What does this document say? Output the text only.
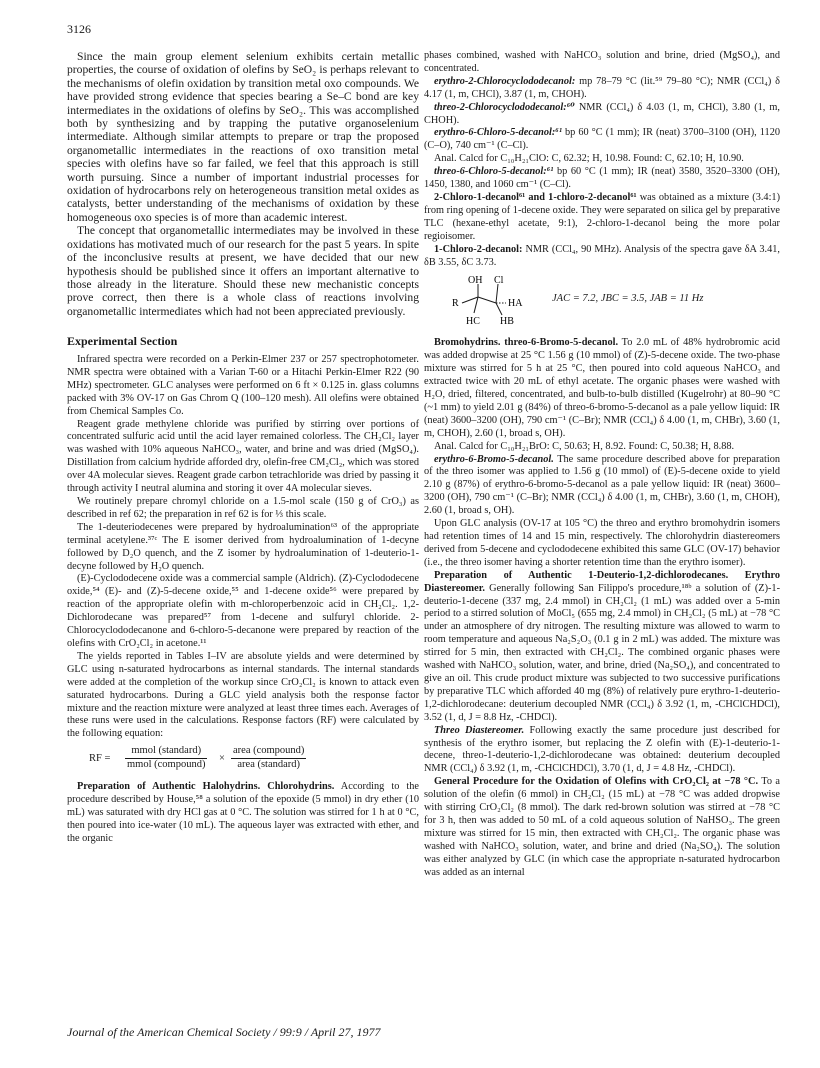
3126

Since the main group element selenium exhibits certain metallic properties, the course of oxidation of olefins by SeO₂ is perhaps relevant to the mechanisms of olefin oxidation by transition metal oxo compounds. We have provided strong evidence that species bearing a Se–C bond are key intermediates in the oxidations of olefins by SeO₂. This was accomplished both by synthesizing and by trapping the putative organoselenium intermediate. Although similar attempts to prepare or trap the proposed organometallic intermediates in the reactions of oxo transition metal species with olefins have so far failed, we feel that this approach is still worth pursuing. Since a number of important industrial processes for oxidation of hydrocarbons rely on heterogeneous transition metal oxides as catalysts, better understanding of the mechanisms of oxidation by these homogeneous oxo species is of more than academic interest.

The concept that organometallic intermediates may be involved in these oxidations has motivated much of our research for the past 5 years. In spite of the inconclusive results at present, we have decided that our new hypothesis should be published since it offers an important alternative to those already in the literature. Should these new mechanistic concepts prove correct, then there is a whole class of reactions involving organometallic intermediates which had not been appreciated previously.

Experimental Section

Infrared spectra were recorded on a Perkin-Elmer 237 or 257 spectrophotometer. NMR spectra were obtained with a Varian T-60 or a Hitachi Perkin-Elmer R22 (90 MHz) spectrometer. GLC analyses were performed on 6 ft × 0.125 in. glass columns packed with 3% OV-17 on Gas Chrom Q (100–120 mesh). All olefins were obtained from Chemical Samples Co.

Reagent grade methylene chloride was purified by stirring over portions of concentrated sulfuric acid until the acid layer remained colorless. The CH₂Cl₂ layer was washed with 10% aqueous NaHCO₃, water, and brine and was dried (MgSO₄). Distillation from calcium hydride afforded dry, olefin-free CM₂Cl₂, which was stored over 4A molecular sieves. Reagent grade carbon tetrachloride was dried by passing it through activity I neutral alumina and storing it over 4A molecular sieves.

We routinely prepare chromyl chloride on a 1.5-mol scale (150 g of CrO₃) as described in ref 62; the preparation in ref 62 is for ⅓ this scale.

The 1-deuteriodecenes were prepared by hydroalumination⁶³ of the appropriate terminal acetylene.³⁷ᶜ The E isomer derived from hydroalumination of 1-decyne followed by D₂O quench, and the Z isomer by hydroalumination of 1-deuterio-1-decyne followed by H₂O quench.

(E)-Cyclododecene oxide was a commercial sample (Aldrich). (Z)-Cyclododecene oxide,⁵⁴ (E)- and (Z)-5-decene oxide,⁵⁵ and 1-decene oxide⁵⁶ were prepared by reaction of the appropriate olefin with m-chloroperbenzoic acid in CH₂Cl₂. 1,2-Dichlorodecane was prepared⁵⁷ from 1-decene and sulfuryl chloride. 2-Chlorocyclododecanone and 6-chloro-5-decanone were prepared by reaction of the olefins with CrO₂Cl₂ in acetone.¹¹

The yields reported in Tables I–IV are absolute yields and were determined by GLC using n-saturated hydrocarbons as internal standards. The internal standards were added at the completion of the workup since CrO₂Cl₂ is known to attack even saturated hydrocarbons. During a GLC yield analysis both the response factor mixture and the reaction mixture were analyzed at least three times each. Averages of these runs were used in the calculations. Response factors (RF) were calculated by the following equation:

RF =
mmol (standard)
mmol (compound)
×
area (compound)
area (standard)

Preparation of Authentic Halohydrins. Chlorohydrins. According to the procedure described by House,⁵⁸ a solution of the epoxide (5 mmol) in dry ether (10 mL) was saturated with dry HCl gas at 0 °C. The solution was stirred for 1 h at 0 °C, then poured into ice-water (10 mL). The aqueous layer was extracted with ether, and the organic

phases combined, washed with NaHCO₃ solution and brine, dried (MgSO₄), and concentrated.

erythro-2-Chlorocyclododecanol: mp 78–79 °C (lit.⁵⁹ 79–80 °C); NMR (CCl₄) δ 4.17 (1, m, CHCl), 3.87 (1, m, CHOH).

threo-2-Chlorocyclododecanol:⁶⁰ NMR (CCl₄) δ 4.03 (1, m, CHCl), 3.80 (1, m, CHOH).

erythro-6-Chloro-5-decanol:⁶¹ bp 60 °C (1 mm); IR (neat) 3700–3100 (OH), 1120 (C–O), 740 cm⁻¹ (C–Cl).

Anal. Calcd for C₁₀H₂₁ClO: C, 62.32; H, 10.98. Found: C, 62.10; H, 10.90.

threo-6-Chloro-5-decanol:⁶¹ bp 60 °C (1 mm); IR (neat) 3580, 3520–3300 (OH), 1450, 1380, and 1060 cm⁻¹ (C–Cl).

2-Chloro-1-decanol⁶¹ and 1-chloro-2-decanol⁶¹ was obtained as a mixture (3.4:1) from ring opening of 1-decene oxide. They were separated on silica gel by preparative TLC (hexane-ethyl acetate, 9:1), 2-chloro-1-decanol being the more polar regioisomer.

1-Chloro-2-decanol: NMR (CCl₄, 90 MHz). Analysis of the spectra gave δA 3.41, δB 3.55, δC 3.73.

OH Cl
R	HA
HC HB
JAC = 7.2, JBC = 3.5, JAB = 11 Hz

Bromohydrins. threo-6-Bromo-5-decanol. To 2.0 mL of 48% hydrobromic acid was added dropwise at 25 °C 1.56 g (10 mmol) of (Z)-5-decene oxide. The two-phase mixture was stirred for 5 h at 25 °C, then poured into cold aqueous NaHCO₃ and extracted twice with 20 mL of ethyl acetate. The organic phases were washed with H₂O, dried, filtered, concentrated, and bulb-to-bulb distilled (Kugelrohr) at 80–90 °C (~1 mm) to yield 2.01 g (84%) of threo-6-bromo-5-decanol as a pale yellow liquid: IR (neat) 3600–3200 (OH), 790 cm⁻¹ (C–Br); NMR (CCl₄) δ 4.00 (1, m, CHBr), 3.60 (1, m, CHOH), 2.60 (1, broad s, OH).

Anal. Calcd for C₁₀H₂₁BrO: C, 50.63; H, 8.92. Found: C, 50.38; H, 8.88.

erythro-6-Bromo-5-decanol. The same procedure described above for preparation of the threo isomer was applied to 1.56 g (10 mmol) of (E)-5-decene oxide to yield 2.10 g (87%) of erythro-6-bromo-5-decanol as a pale yellow liquid: IR (neat) 3600–3200 (OH), 790 cm⁻¹ (C–Br); NMR (CCl₄) δ 4.00 (1, m, CHBr), 3.60 (1, m, CHOH), 2.60 (1, broad s, OH).

Upon GLC analysis (OV-17 at 105 °C) the threo and erythro bromohydrin isomers had retention times of 14 and 15 min, respectively. The chlorohydrin diastereomers derived from 5-decene and cyclododecene exhibited this same GLC (OV-17) behavior (i.e., the threo isomer having a shorter retention time than the erythro isomer).

Preparation of Authentic 1-Deuterio-1,2-dichlorodecanes. Erythro Diastereomer. Generally following San Filippo's procedure,¹⁸ᵇ a solution of (Z)-1-deuterio-1-decene (337 mg, 2.4 mmol) in CH₂Cl₂ (1 mL) was added over a 5-min period to a stirred solution of MoCl₅ (655 mg, 2.4 mmol) in CH₂Cl₂ (5 mL) at −78 °C under an atmosphere of dry nitrogen. The resulting mixture was allowed to warm to room temperature and aqueous Na₂S₂O₃ (0.1 g in 2 mL) was added. The mixture was stirred for 5 min, then extracted with CH₂Cl₂. The combined organic phases were washed with NaHCO₃ solution, water, and brine, dried (Na₂SO₄), and concentrated to give an oil. This crude product mixture was subjected to two successive purifications by preparative TLC which afforded 40 mg (8%) of relatively pure erythro-1-deuterio-1,2-dichlorodecane: deuterium decoupled NMR (CCl₄) δ 3.92 (1, m, -CHClCHDCl), 3.52 (1, d, J = 8.8 Hz, -CHDCl).

Threo Diastereomer. Following exactly the same procedure just described for synthesis of the erythro isomer, but replacing the Z olefin with (E)-1-deuterio-1-decene, threo-1-deuterio-1,2-dichlorodecane was obtained: deuterium decoupled NMR (CCl₄) δ 3.92 (1, m, -CHClCHDCl), 3.70 (1, d, J = 4.8 Hz, -CHDCl).

General Procedure for the Oxidation of Olefins with CrO₂Cl₂ at −78 °C. To a solution of the olefin (6 mmol) in CH₂Cl₂ (15 mL) at −78 °C was added dropwise with stirring CrO₂Cl₂ (8 mmol). The dark red-brown solution was stirred at −78 °C for 3 h, then was added to 50 mL of a cold aqueous solution of NaHSO₃. The green mixture was stirred for 15 min, then extracted with CH₂Cl₂. The organic phase was washed with NaHCO₃ solution, water, and brine and dried (Na₂SO₄). The solution was either analyzed by GLC (in which case the appropriate n-saturated hydrocarbon was added as an internal

Journal of the American Chemical Society / 99:9 / April 27, 1977
